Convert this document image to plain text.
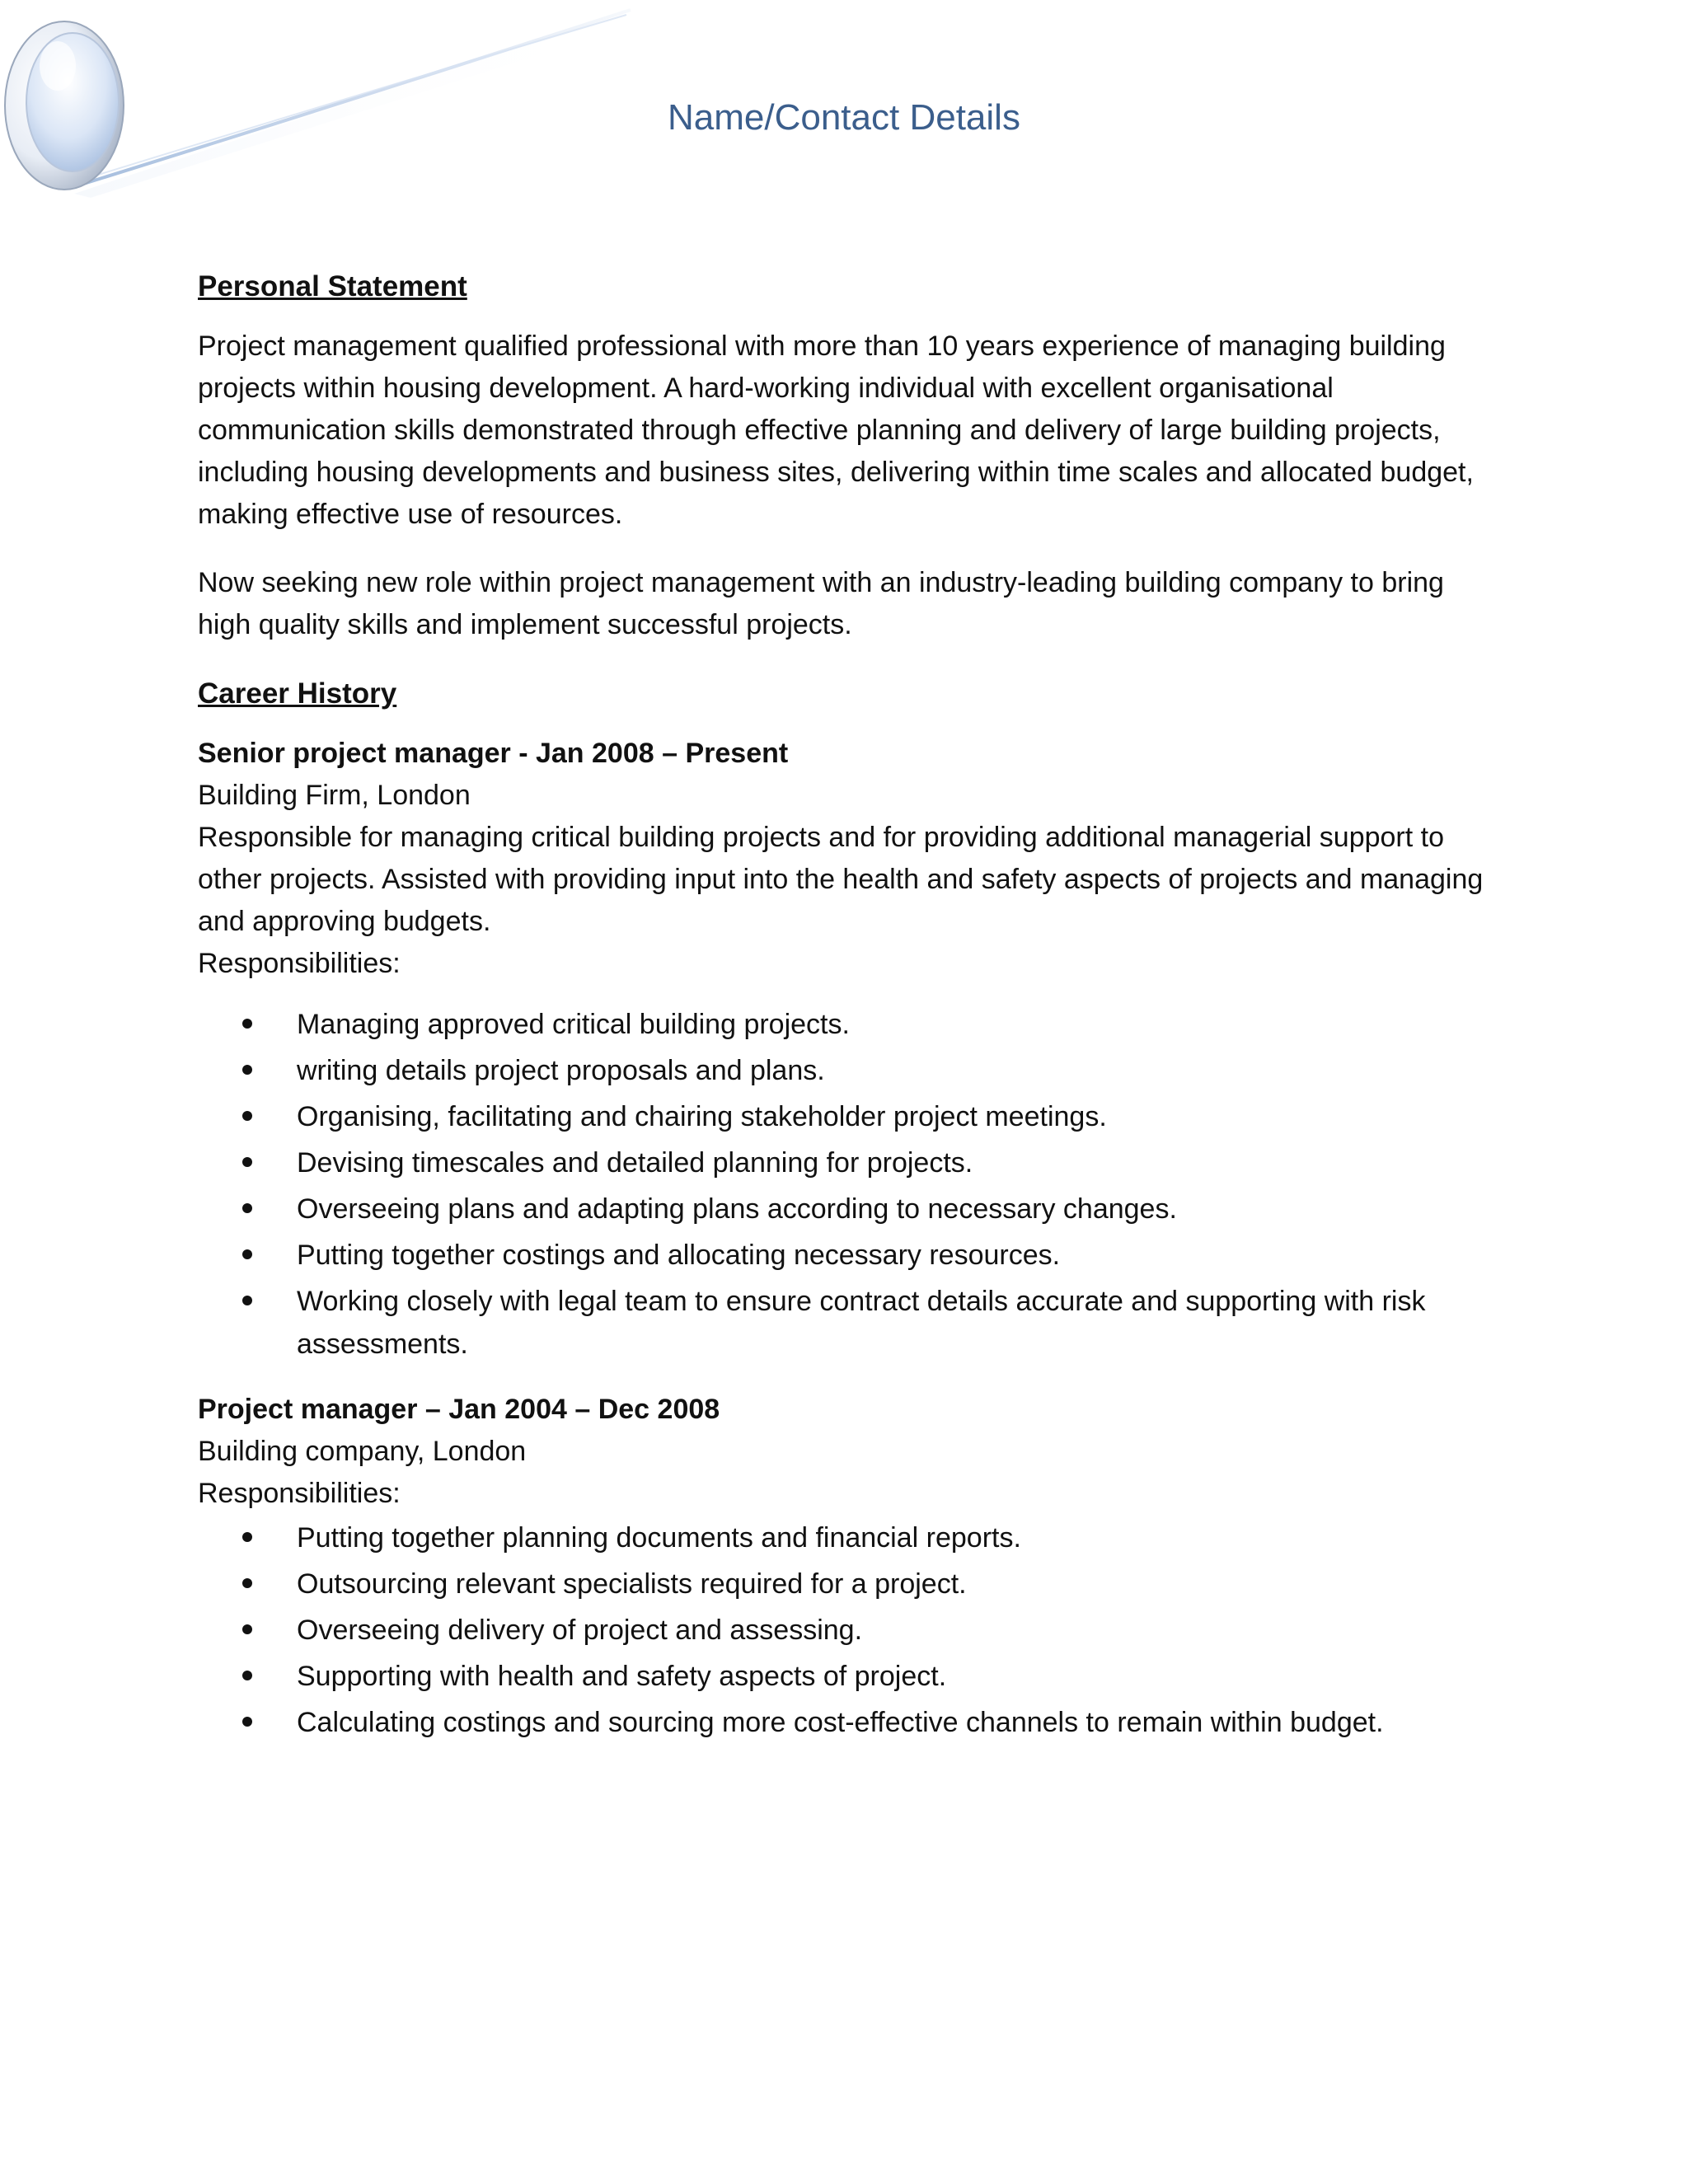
Name/Contact Details
Personal Statement

Project management qualified professional with more than 10 years experience of managing building projects within housing development. A hard-working individual with excellent organisational communication skills demonstrated through effective planning and delivery of large building projects, including housing developments and business sites, delivering within time scales and allocated budget, making effective use of resources.

Now seeking new role within project management with an industry-leading building company to bring high quality skills and implement successful projects.

Career History

Senior project manager - Jan 2008 – Present

Building Firm, London

Responsible for managing critical building projects and for providing additional managerial support to other projects. Assisted with providing input into the health and safety aspects of projects and managing and approving budgets.

Responsibilities:

Managing approved critical building projects.
writing details project proposals and plans.
Organising, facilitating and chairing stakeholder project meetings.
Devising timescales and detailed planning for projects.
Overseeing plans and adapting plans according to necessary changes.
Putting together costings and allocating necessary resources.
Working closely with legal team to ensure contract details accurate and supporting with risk assessments.

Project manager – Jan 2004 – Dec 2008

Building company, London

Responsibilities:

Putting together planning documents and financial reports.
Outsourcing relevant specialists required for a project.
Overseeing delivery of project and assessing.
Supporting with health and safety aspects of project.
Calculating costings and sourcing more cost-effective channels to remain within budget.
